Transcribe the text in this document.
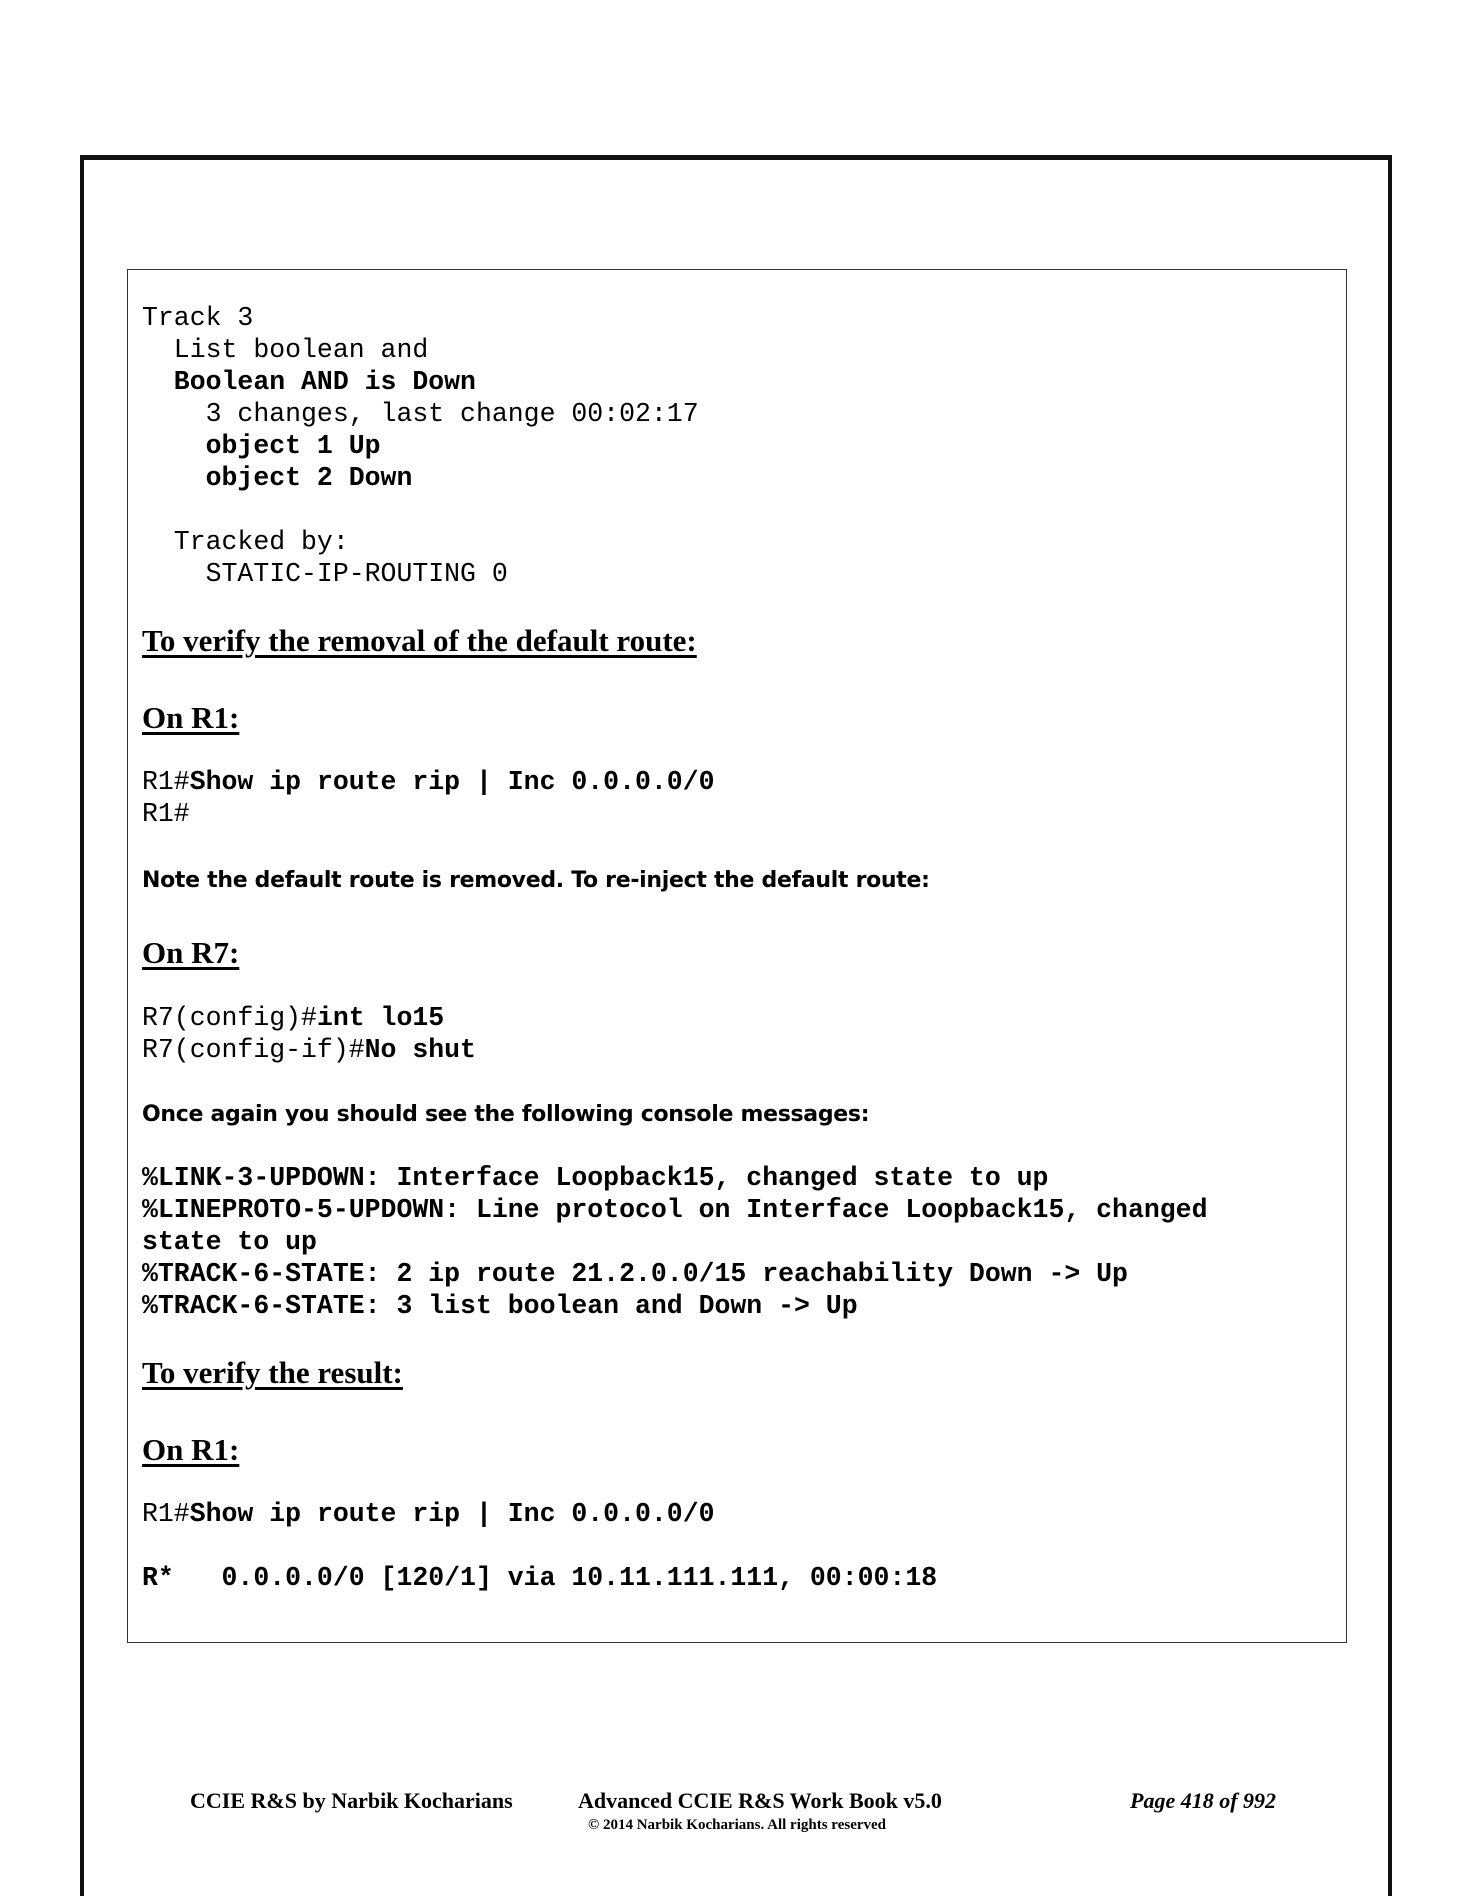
Track 3
List boolean and
Boolean AND is Down
3 changes, last change 00:02:17
object 1 Up
object 2 Down
Tracked by:
STATIC-IP-ROUTING 0
To verify the removal of the default route:
On R1:
R1#Show ip route rip | Inc 0.0.0.0/0
R1#
Note the default route is removed. To re-inject the default route:
On R7:
R7(config)#int lo15
R7(config-if)#No shut
Once again you should see the following console messages:
%LINK-3-UPDOWN: Interface Loopback15, changed state to up
%LINEPROTO-5-UPDOWN: Line protocol on Interface Loopback15, changed
state to up
%TRACK-6-STATE: 2 ip route 21.2.0.0/15 reachability Down -> Up
%TRACK-6-STATE: 3 list boolean and Down -> Up
To verify the result:
On R1:
R1#Show ip route rip | Inc 0.0.0.0/0
R*   0.0.0.0/0 [120/1] via 10.11.111.111, 00:00:18
CCIE R&S by Narbik Kocharians	Advanced CCIE R&S Work Book v5.0
© 2014 Narbik Kocharians. All rights reserved
Page 418 of 992
